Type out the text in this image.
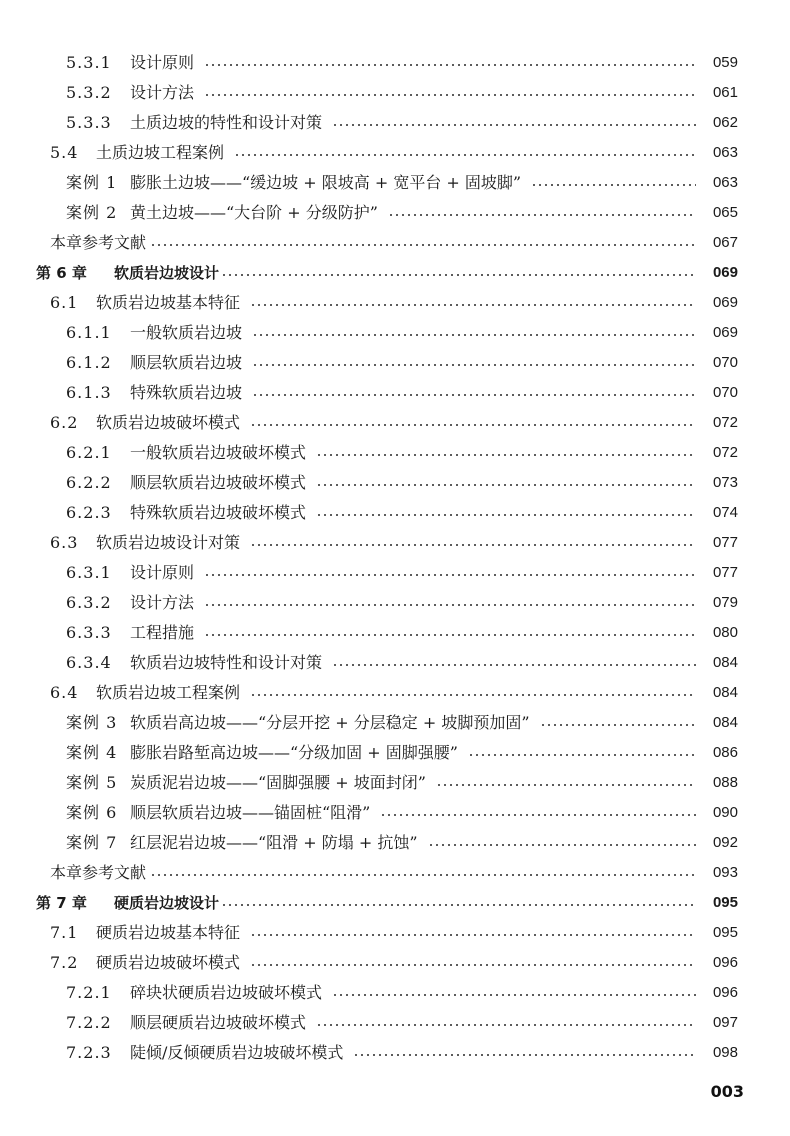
5.3.1	设计原则	059
5.3.2	设计方法	061
5.3.3	土质边坡的特性和设计对策	062
5.4	土质边坡工程案例	063
案例 1 膨胀土边坡——“缓边坡 + 限坡高 + 宽平台 + 固坡脚”	063
案例 2 黄土边坡——“大台阶 + 分级防护”	065
本章参考文献	067
第 6 章	软质岩边坡设计	069
6.1	软质岩边坡基本特征	069
6.1.1	一般软质岩边坡	069
6.1.2	顺层软质岩边坡	070
6.1.3	特殊软质岩边坡	070
6.2	软质岩边坡破坏模式	072
6.2.1	一般软质岩边坡破坏模式	072
6.2.2	顺层软质岩边坡破坏模式	073
6.2.3	特殊软质岩边坡破坏模式	074
6.3	软质岩边坡设计对策	077
6.3.1	设计原则	077
6.3.2	设计方法	079
6.3.3	工程措施	080
6.3.4	软质岩边坡特性和设计对策	084
6.4	软质岩边坡工程案例	084
案例 3 软质岩高边坡——“分层开挖 + 分层稳定 + 坡脚预加固”	084
案例 4 膨胀岩路堑高边坡——“分级加固 + 固脚强腰”	086
案例 5 炭质泥岩边坡——“固脚强腰 + 坡面封闭”	088
案例 6 顺层软质岩边坡——锚固桩“阻滑”	090
案例 7 红层泥岩边坡——“阻滑 + 防塌 + 抗蚀”	092
本章参考文献	093
第 7 章	硬质岩边坡设计	095
7.1	硬质岩边坡基本特征	095
7.2	硬质岩边坡破坏模式	096
7.2.1	碎块状硬质岩边坡破坏模式	096
7.2.2	顺层硬质岩边坡破坏模式	097
7.2.3	陡倾/反倾硬质岩边坡破坏模式	098
003
